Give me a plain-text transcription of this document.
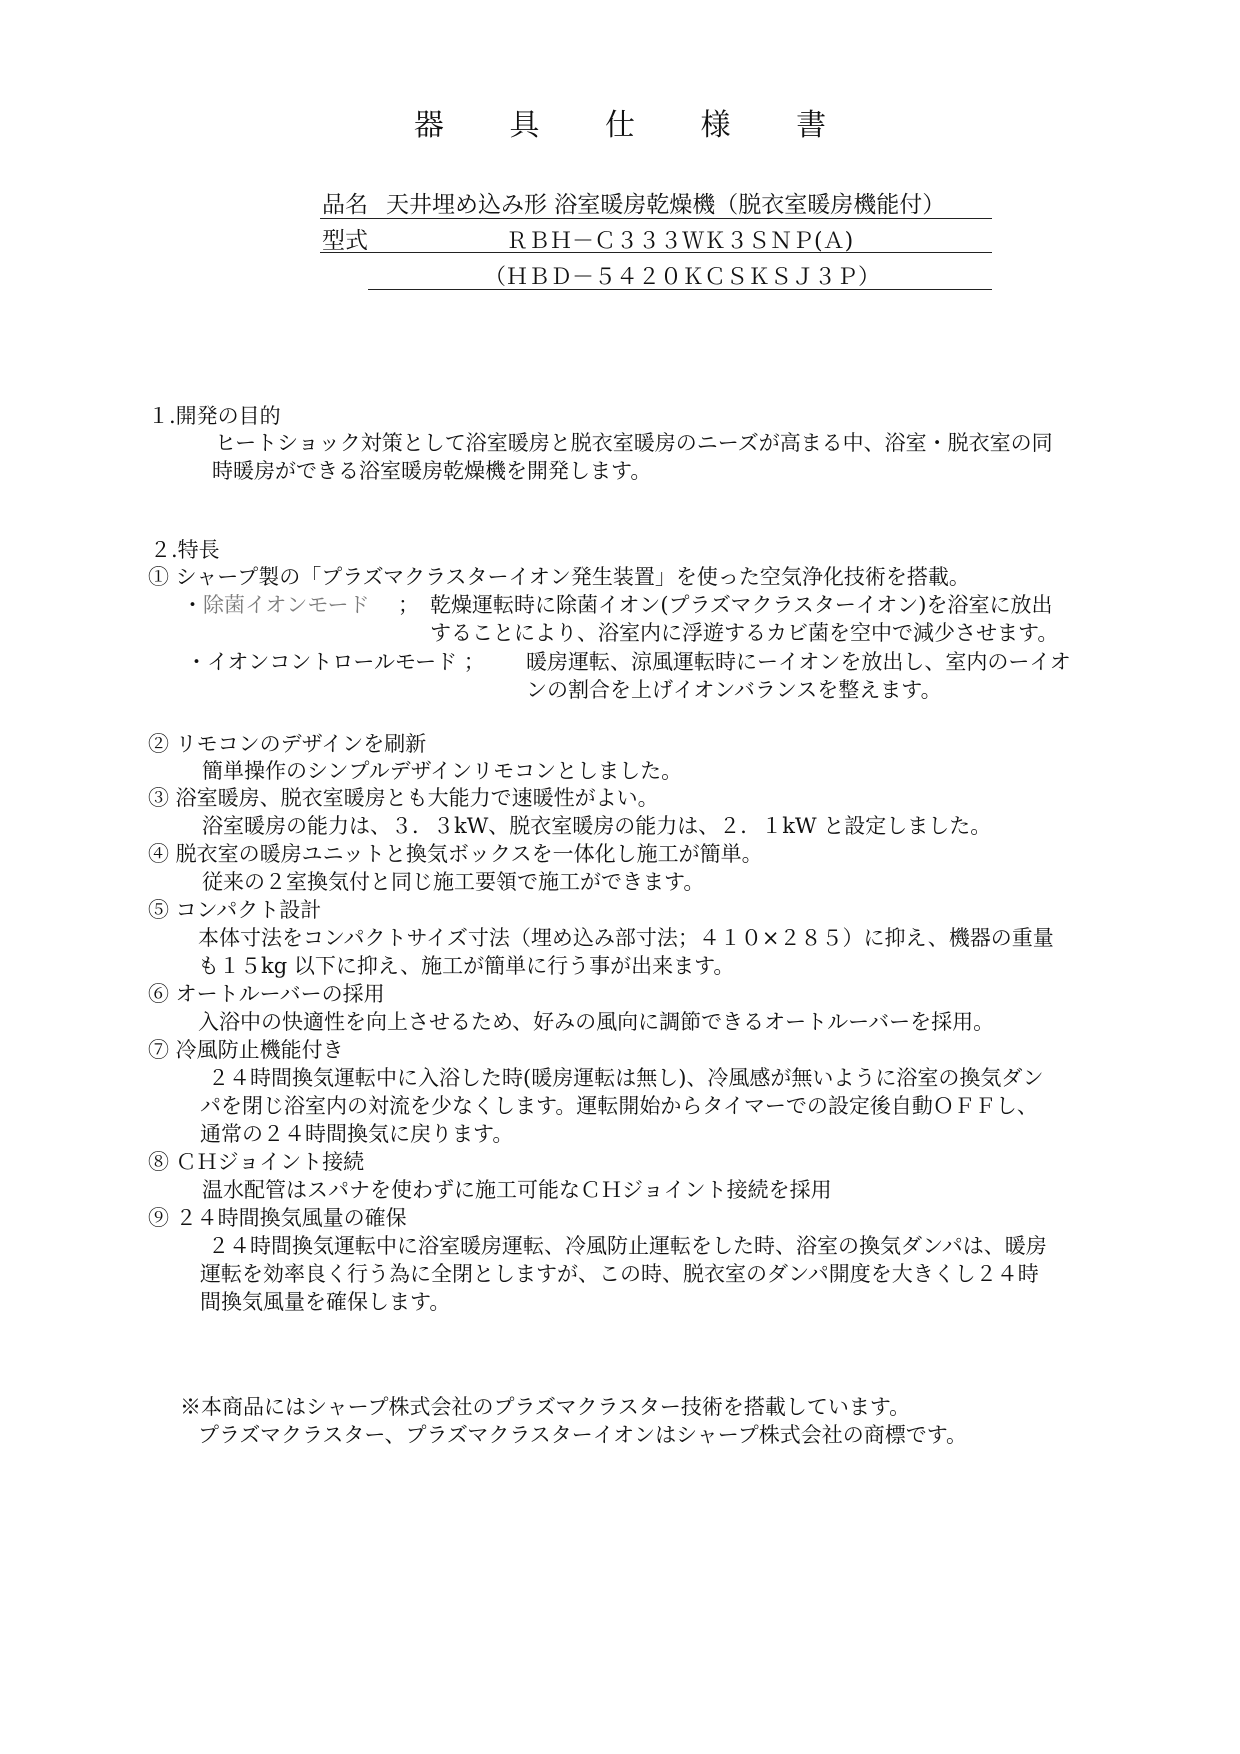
器 具 仕 様 書
品名 天井埋め込み形 浴室暖房乾燥機（脱衣室暖房機能付）
型式	ＲＢＨ－Ｃ３３３ＷＫ３ＳＮＰ(Ａ)
（ＨＢＤ－５４２０ＫＣＳＫＳＪ３Ｐ）
１.開発の目的
ヒートショック対策として浴室暖房と脱衣室暖房のニーズが高まる中、浴室・脱衣室の同
時暖房ができる浴室暖房乾燥機を開発します。
２.特長
① シャープ製の「プラズマクラスターイオン発生装置」を使った空気浄化技術を搭載。
・除菌イオンモード ； 乾燥運転時に除菌イオン(プラズマクラスターイオン)を浴室に放出
することにより、浴室内に浮遊するカビ菌を空中で減少させます。
・イオンコントロールモード ； 暖房運転、涼風運転時にーイオンを放出し、室内のーイオ
ンの割合を上げイオンバランスを整えます。
② リモコンのデザインを刷新
簡単操作のシンプルデザインリモコンとしました。
③ 浴室暖房、脱衣室暖房とも大能力で速暖性がよい。
浴室暖房の能力は、３．３kW、脱衣室暖房の能力は、２．１kW と設定しました。
④ 脱衣室の暖房ユニットと換気ボックスを一体化し施工が簡単。
従来の２室換気付と同じ施工要領で施工ができます。
⑤ コンパクト設計
本体寸法をコンパクトサイズ寸法（埋め込み部寸法；４１０×２８５）に抑え、機器の重量
も１５kg 以下に抑え、施工が簡単に行う事が出来ます。
⑥ オートルーバーの採用
入浴中の快適性を向上させるため、好みの風向に調節できるオートルーバーを採用。
⑦ 冷風防止機能付き
２４時間換気運転中に入浴した時(暖房運転は無し)、冷風感が無いように浴室の換気ダン
パを閉じ浴室内の対流を少なくします。運転開始からタイマーでの設定後自動ＯＦＦし、
通常の２４時間換気に戻ります。
⑧ ＣＨジョイント接続
温水配管はスパナを使わずに施工可能なＣＨジョイント接続を採用
⑨ ２４時間換気風量の確保
２４時間換気運転中に浴室暖房運転、冷風防止運転をした時、浴室の換気ダンパは、暖房
運転を効率良く行う為に全閉としますが、この時、脱衣室のダンパ開度を大きくし２４時
間換気風量を確保します。
※本商品にはシャープ株式会社のプラズマクラスター技術を搭載しています。
プラズマクラスター、プラズマクラスターイオンはシャープ株式会社の商標です。
